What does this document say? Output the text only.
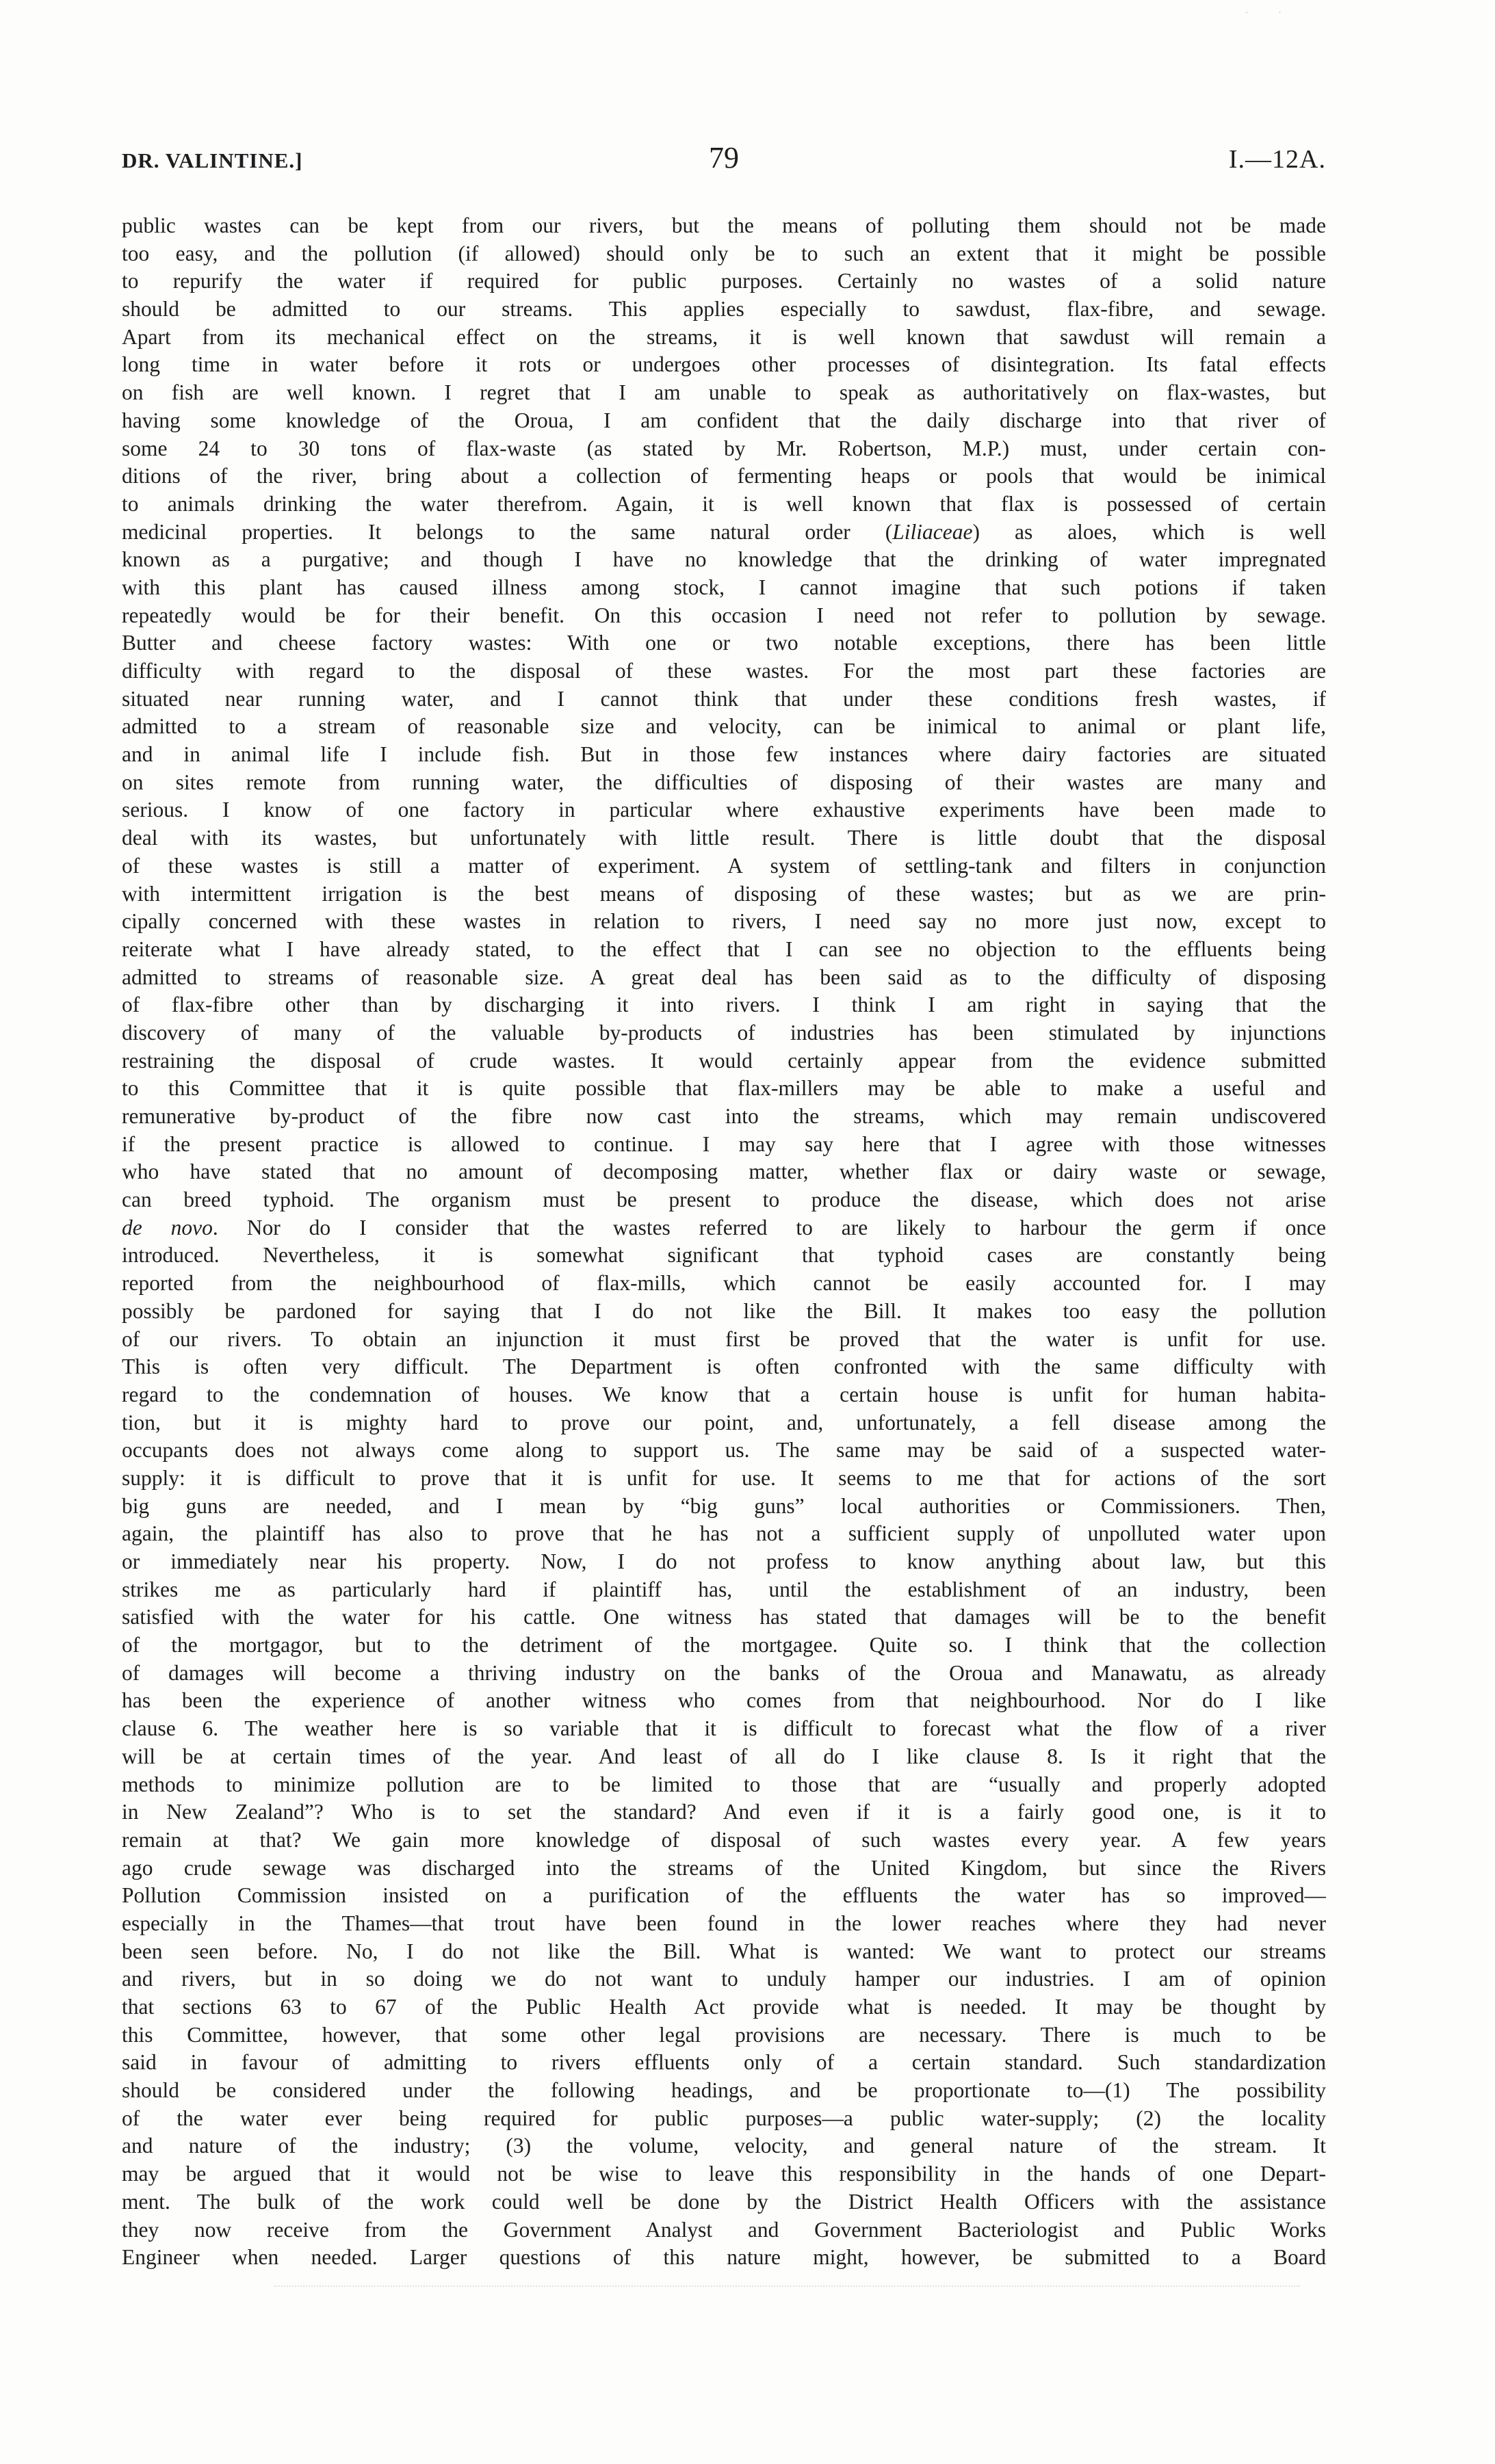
· ·
DR. VALINTINE.]	79	I.—12A.
public wastes can be kept from our rivers, but the means of polluting them should not be made
too easy, and the pollution (if allowed) should only be to such an extent that it might be possible
to repurify the water if required for public purposes. Certainly no wastes of a solid nature
should be admitted to our streams. This applies especially to sawdust, flax-fibre, and sewage.
Apart from its mechanical effect on the streams, it is well known that sawdust will remain a
long time in water before it rots or undergoes other processes of disintegration. Its fatal effects
on fish are well known. I regret that I am unable to speak as authoritatively on flax-wastes, but
having some knowledge of the Oroua, I am confident that the daily discharge into that river of
some 24 to 30 tons of flax-waste (as stated by Mr. Robertson, M.P.) must, under certain con-
ditions of the river, bring about a collection of fermenting heaps or pools that would be inimical
to animals drinking the water therefrom. Again, it is well known that flax is possessed of certain
medicinal properties. It belongs to the same natural order (Liliaceae) as aloes, which is well
known as a purgative; and though I have no knowledge that the drinking of water impregnated
with this plant has caused illness among stock, I cannot imagine that such potions if taken
repeatedly would be for their benefit. On this occasion I need not refer to pollution by sewage.
Butter and cheese factory wastes: With one or two notable exceptions, there has been little
difficulty with regard to the disposal of these wastes. For the most part these factories are
situated near running water, and I cannot think that under these conditions fresh wastes, if
admitted to a stream of reasonable size and velocity, can be inimical to animal or plant life,
and in animal life I include fish. But in those few instances where dairy factories are situated
on sites remote from running water, the difficulties of disposing of their wastes are many and
serious. I know of one factory in particular where exhaustive experiments have been made to
deal with its wastes, but unfortunately with little result. There is little doubt that the disposal
of these wastes is still a matter of experiment. A system of settling-tank and filters in conjunction
with intermittent irrigation is the best means of disposing of these wastes; but as we are prin-
cipally concerned with these wastes in relation to rivers, I need say no more just now, except to
reiterate what I have already stated, to the effect that I can see no objection to the effluents being
admitted to streams of reasonable size. A great deal has been said as to the difficulty of disposing
of flax-fibre other than by discharging it into rivers. I think I am right in saying that the
discovery of many of the valuable by-products of industries has been stimulated by injunctions
restraining the disposal of crude wastes. It would certainly appear from the evidence submitted
to this Committee that it is quite possible that flax-millers may be able to make a useful and
remunerative by-product of the fibre now cast into the streams, which may remain undiscovered
if the present practice is allowed to continue. I may say here that I agree with those witnesses
who have stated that no amount of decomposing matter, whether flax or dairy waste or sewage,
can breed typhoid. The organism must be present to produce the disease, which does not arise
de novo. Nor do I consider that the wastes referred to are likely to harbour the germ if once
introduced. Nevertheless, it is somewhat significant that typhoid cases are constantly being
reported from the neighbourhood of flax-mills, which cannot be easily accounted for. I may
possibly be pardoned for saying that I do not like the Bill. It makes too easy the pollution
of our rivers. To obtain an injunction it must first be proved that the water is unfit for use.
This is often very difficult. The Department is often confronted with the same difficulty with
regard to the condemnation of houses. We know that a certain house is unfit for human habita-
tion, but it is mighty hard to prove our point, and, unfortunately, a fell disease among the
occupants does not always come along to support us. The same may be said of a suspected water-
supply: it is difficult to prove that it is unfit for use. It seems to me that for actions of the sort
big guns are needed, and I mean by “big guns” local authorities or Commissioners. Then,
again, the plaintiff has also to prove that he has not a sufficient supply of unpolluted water upon
or immediately near his property. Now, I do not profess to know anything about law, but this
strikes me as particularly hard if plaintiff has, until the establishment of an industry, been
satisfied with the water for his cattle. One witness has stated that damages will be to the benefit
of the mortgagor, but to the detriment of the mortgagee. Quite so. I think that the collection
of damages will become a thriving industry on the banks of the Oroua and Manawatu, as already
has been the experience of another witness who comes from that neighbourhood. Nor do I like
clause 6. The weather here is so variable that it is difficult to forecast what the flow of a river
will be at certain times of the year. And least of all do I like clause 8. Is it right that the
methods to minimize pollution are to be limited to those that are “usually and properly adopted
in New Zealand”? Who is to set the standard? And even if it is a fairly good one, is it to
remain at that? We gain more knowledge of disposal of such wastes every year. A few years
ago crude sewage was discharged into the streams of the United Kingdom, but since the Rivers
Pollution Commission insisted on a purification of the effluents the water has so improved—
especially in the Thames—that trout have been found in the lower reaches where they had never
been seen before. No, I do not like the Bill. What is wanted: We want to protect our streams
and rivers, but in so doing we do not want to unduly hamper our industries. I am of opinion
that sections 63 to 67 of the Public Health Act provide what is needed. It may be thought by
this Committee, however, that some other legal provisions are necessary. There is much to be
said in favour of admitting to rivers effluents only of a certain standard. Such standardization
should be considered under the following headings, and be proportionate to—(1) The possibility
of the water ever being required for public purposes—a public water-supply; (2) the locality
and nature of the industry; (3) the volume, velocity, and general nature of the stream. It
may be argued that it would not be wise to leave this responsibility in the hands of one Depart-
ment. The bulk of the work could well be done by the District Health Officers with the assistance
they now receive from the Government Analyst and Government Bacteriologist and Public Works
Engineer when needed. Larger questions of this nature might, however, be submitted to a Board
